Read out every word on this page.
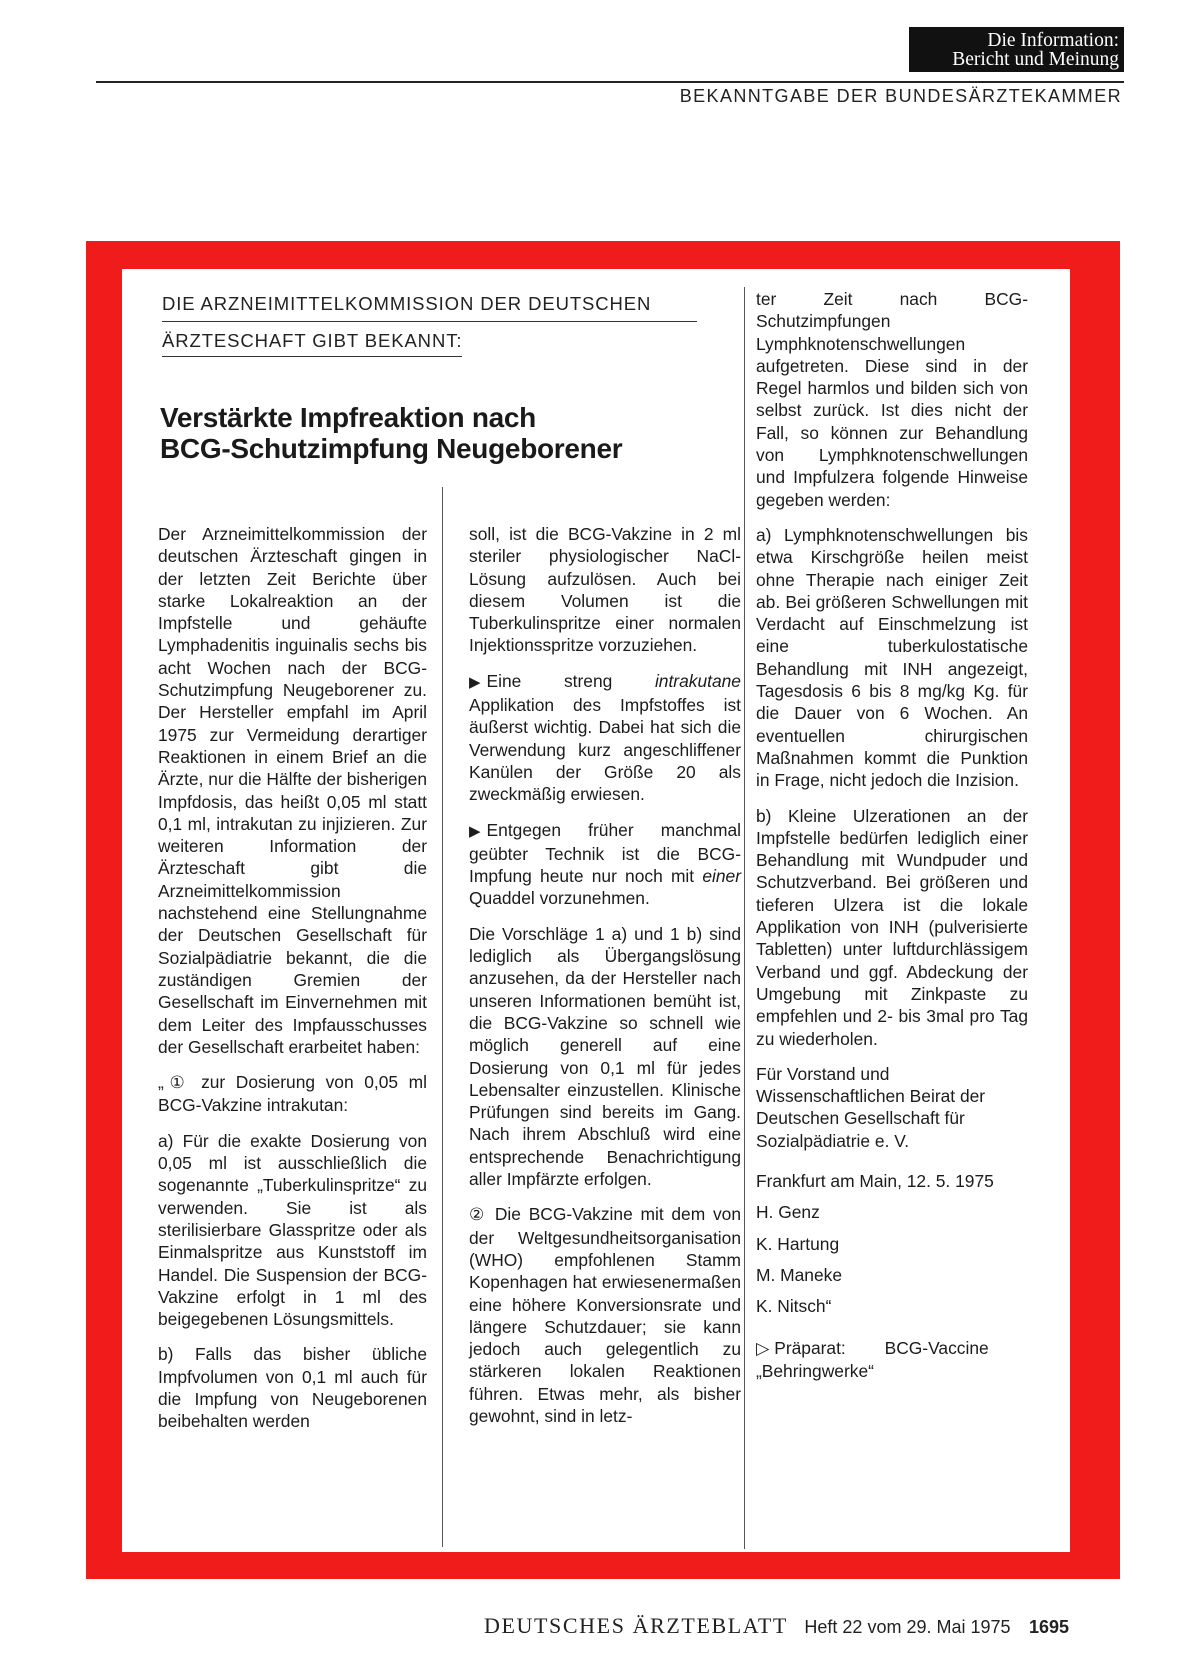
Die Information:
Bericht und Meinung
BEKANNTGABE DER BUNDESÄRZTEKAMMER
DIE ARZNEIMITTELKOMMISSION DER DEUTSCHEN
ÄRZTESCHAFT GIBT BEKANNT:
Verstärkte Impfreaktion nach
BCG-Schutzimpfung Neugeborener

Der Arzneimittelkommission der deutschen Ärzteschaft gingen in der letzten Zeit Berichte über starke Lokalreaktion an der Impfstelle und gehäufte Lymphadenitis inguinalis sechs bis acht Wochen nach der BCG-Schutzimpfung Neugeborener zu. Der Hersteller empfahl im April 1975 zur Vermeidung derartiger Reaktionen in einem Brief an die Ärzte, nur die Hälfte der bisherigen Impfdosis, das heißt 0,05 ml statt 0,1 ml, intrakutan zu injizieren. Zur weiteren Information der Ärzteschaft gibt die Arzneimittelkommission nachstehend eine Stellungnahme der Deutschen Gesellschaft für Sozialpädiatrie bekannt, die die zuständigen Gremien der Gesellschaft im Einvernehmen mit dem Leiter des Impfausschusses der Gesellschaft erarbeitet haben:

„① zur Dosierung von 0,05 ml BCG-Vakzine intrakutan:

a) Für die exakte Dosierung von 0,05 ml ist ausschließlich die sogenannte „Tuberkulinspritze“ zu verwenden. Sie ist als sterilisierbare Glasspritze oder als Einmalspritze aus Kunststoff im Handel. Die Suspension der BCG-Vakzine erfolgt in 1 ml des beigegebenen Lösungsmittels.

b) Falls das bisher übliche Impfvolumen von 0,1 ml auch für die Impfung von Neugeborenen beibehalten werden

soll, ist die BCG-Vakzine in 2 ml steriler physiologischer NaCl-Lösung aufzulösen. Auch bei diesem Volumen ist die Tuberkulinspritze einer normalen Injektionsspritze vorzuziehen.

▶ Eine streng intrakutane Applikation des Impfstoffes ist äußerst wichtig. Dabei hat sich die Verwendung kurz angeschliffener Kanülen der Größe 20 als zweckmäßig erwiesen.

▶ Entgegen früher manchmal geübter Technik ist die BCG-Impfung heute nur noch mit einer Quaddel vorzunehmen.

Die Vorschläge 1 a) und 1 b) sind lediglich als Übergangslösung anzusehen, da der Hersteller nach unseren Informationen bemüht ist, die BCG-Vakzine so schnell wie möglich generell auf eine Dosierung von 0,1 ml für jedes Lebensalter einzustellen. Klinische Prüfungen sind bereits im Gang. Nach ihrem Abschluß wird eine entsprechende Benachrichtigung aller Impfärzte erfolgen.

② Die BCG-Vakzine mit dem von der Weltgesundheitsorganisation (WHO) empfohlenen Stamm Kopenhagen hat erwiesenermaßen eine höhere Konversionsrate und längere Schutzdauer; sie kann jedoch auch gelegentlich zu stärkeren lokalen Reaktionen führen. Etwas mehr, als bisher gewohnt, sind in letz-

ter Zeit nach BCG-Schutzimpfungen Lymphknotenschwellungen aufgetreten. Diese sind in der Regel harmlos und bilden sich von selbst zurück. Ist dies nicht der Fall, so können zur Behandlung von Lymphknotenschwellungen und Impfulzera folgende Hinweise gegeben werden:

a) Lymphknotenschwellungen bis etwa Kirschgröße heilen meist ohne Therapie nach einiger Zeit ab. Bei größeren Schwellungen mit Verdacht auf Einschmelzung ist eine tuberkulostatische Behandlung mit INH angezeigt, Tagesdosis 6 bis 8 mg/kg Kg. für die Dauer von 6 Wochen. An eventuellen chirurgischen Maßnahmen kommt die Punktion in Frage, nicht jedoch die Inzision.

b) Kleine Ulzerationen an der Impfstelle bedürfen lediglich einer Behandlung mit Wundpuder und Schutzverband. Bei größeren und tieferen Ulzera ist die lokale Applikation von INH (pulverisierte Tabletten) unter luftdurchlässigem Verband und ggf. Abdeckung der Umgebung mit Zinkpaste zu empfehlen und 2- bis 3mal pro Tag zu wiederholen.

Für Vorstand und Wissenschaftlichen Beirat der Deutschen Gesellschaft für Sozialpädiatrie e. V.

Frankfurt am Main, 12. 5. 1975

H. Genz

K. Hartung

M. Maneke

K. Nitsch“

▷ Präparat: BCG-Vaccine
„Behringwerke“
DEUTSCHES ÄRZTEBLATT Heft 22 vom 29. Mai 1975 1695
